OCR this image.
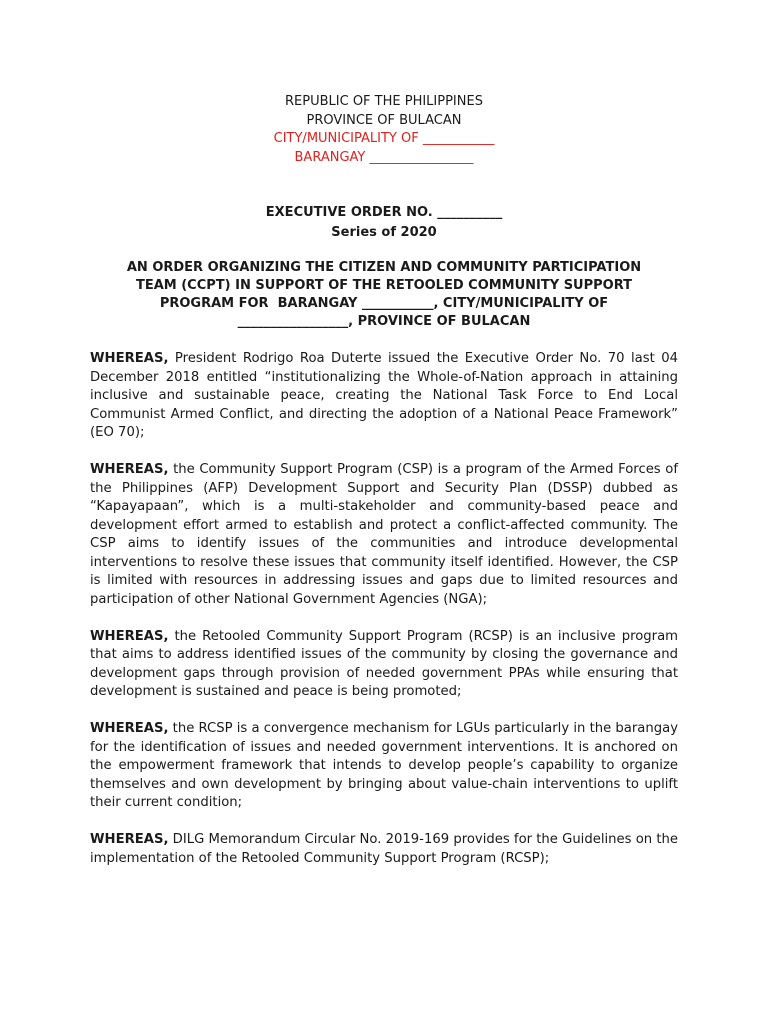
REPUBLIC OF THE PHILIPPINES
PROVINCE OF BULACAN
CITY/MUNICIPALITY OF ___________
BARANGAY ________________
EXECUTIVE ORDER NO. __________
Series of 2020
AN ORDER ORGANIZING THE CITIZEN AND COMMUNITY PARTICIPATION
TEAM (CCPT) IN SUPPORT OF THE RETOOLED COMMUNITY SUPPORT
PROGRAM FOR  BARANGAY ___________, CITY/MUNICIPALITY OF
_________________, PROVINCE OF BULACAN

WHEREAS, President Rodrigo Roa Duterte issued the Executive Order No. 70 last 04 December 2018 entitled “institutionalizing the Whole-of-Nation approach in attaining inclusive and sustainable peace, creating the National Task Force to End Local Communist Armed Conflict, and directing the adoption of a National Peace Framework” (EO 70);

WHEREAS, the Community Support Program (CSP) is a program of the Armed Forces of the Philippines (AFP) Development Support and Security Plan (DSSP) dubbed as “Kapayapaan”, which is a multi-stakeholder and community-based peace and development effort armed to establish and protect a conflict-affected community. The CSP aims to identify issues of the communities and introduce developmental interventions to resolve these issues that community itself identified. However, the CSP is limited with resources in addressing issues and gaps due to limited resources and participation of other National Government Agencies (NGA);

WHEREAS, the Retooled Community Support Program (RCSP) is an inclusive program that aims to address identified issues of the community by closing the governance and development gaps through provision of needed government PPAs while ensuring that development is sustained and peace is being promoted;

WHEREAS, the RCSP is a convergence mechanism for LGUs particularly in the barangay for the identification of issues and needed government interventions. It is anchored on the empowerment framework that intends to develop people’s capability to organize themselves and own development by bringing about value-chain interventions to uplift their current condition;

WHEREAS, DILG Memorandum Circular No. 2019-169 provides for the Guidelines on the implementation of the Retooled Community Support Program (RCSP);
